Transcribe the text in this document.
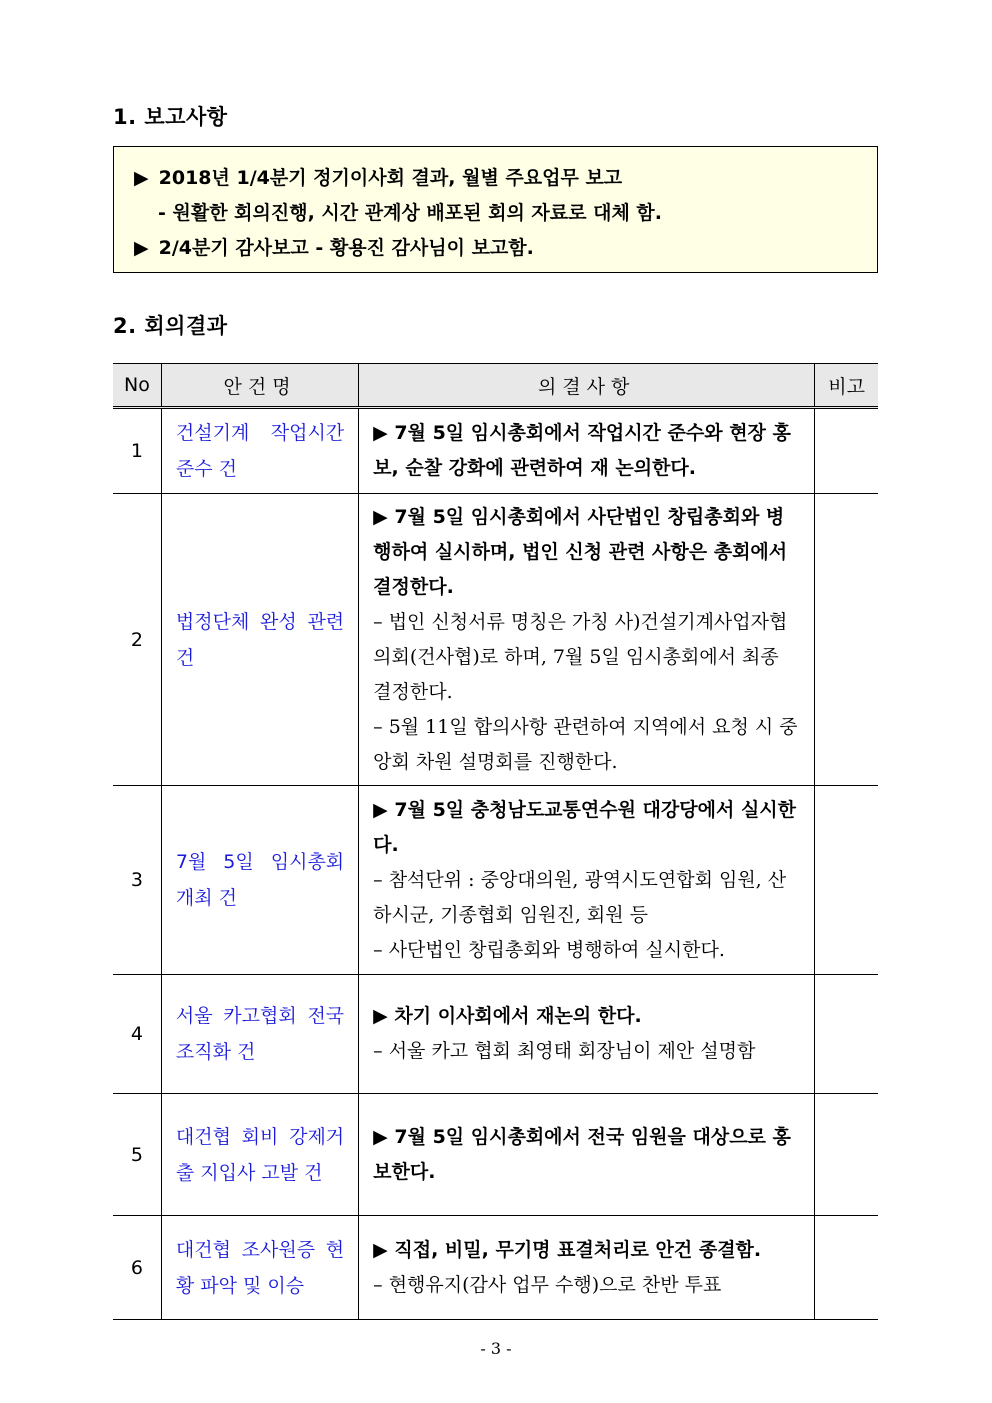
1. 보고사항
▶ 2018년 1/4분기 정기이사회 결과, 월별 주요업무 보고
- 원활한 회의진행, 시간 관계상 배포된 회의 자료로 대체 함.
▶ 2/4분기 감사보고 - 황용진 감사님이 보고함.
2. 회의결과
No	안건명	의결사항	비고
1	건설기계 작업시간 준수 건	▶ 7월 5일 임시총회에서 작업시간 준수와 현장 홍보, 순찰 강화에 관련하여 재 논의한다.	

2	법정단체 완성 관련 건	▶ 7월 5일 임시총회에서 사단법인 창립총회와 병행하여 실시하며, 법인 신청 관련 사항은 총회에서 결정한다.
– 법인 신청서류 명칭은 가칭 사)건설기계사업자협의회(건사협)로 하며, 7월 5일 임시총회에서 최종 결정한다.
– 5월 11일 합의사항 관련하여 지역에서 요청 시 중앙회 차원 설명회를 진행한다.	

3	7월 5일 임시총회 개최 건	▶ 7월 5일 충청남도교통연수원 대강당에서 실시한다.
– 참석단위 : 중앙대의원, 광역시도연합회 임원, 산하시군, 기종협회 임원진, 회원 등
– 사단법인 창립총회와 병행하여 실시한다.	

4	서울 카고협회 전국 조직화 건	▶ 차기 이사회에서 재논의 한다.
– 서울 카고 협회 최영태 회장님이 제안 설명함	

5	대건협 회비 강제거출 지입사 고발 건	▶ 7월 5일 임시총회에서 전국 임원을 대상으로 홍보한다.	

6	대건협 조사원증 현황 파악 및 이승	▶ 직접, 비밀, 무기명 표결처리로 안건 종결함.
– 현행유지(감사 업무 수행)으로 찬반 투표	

- 3 -
